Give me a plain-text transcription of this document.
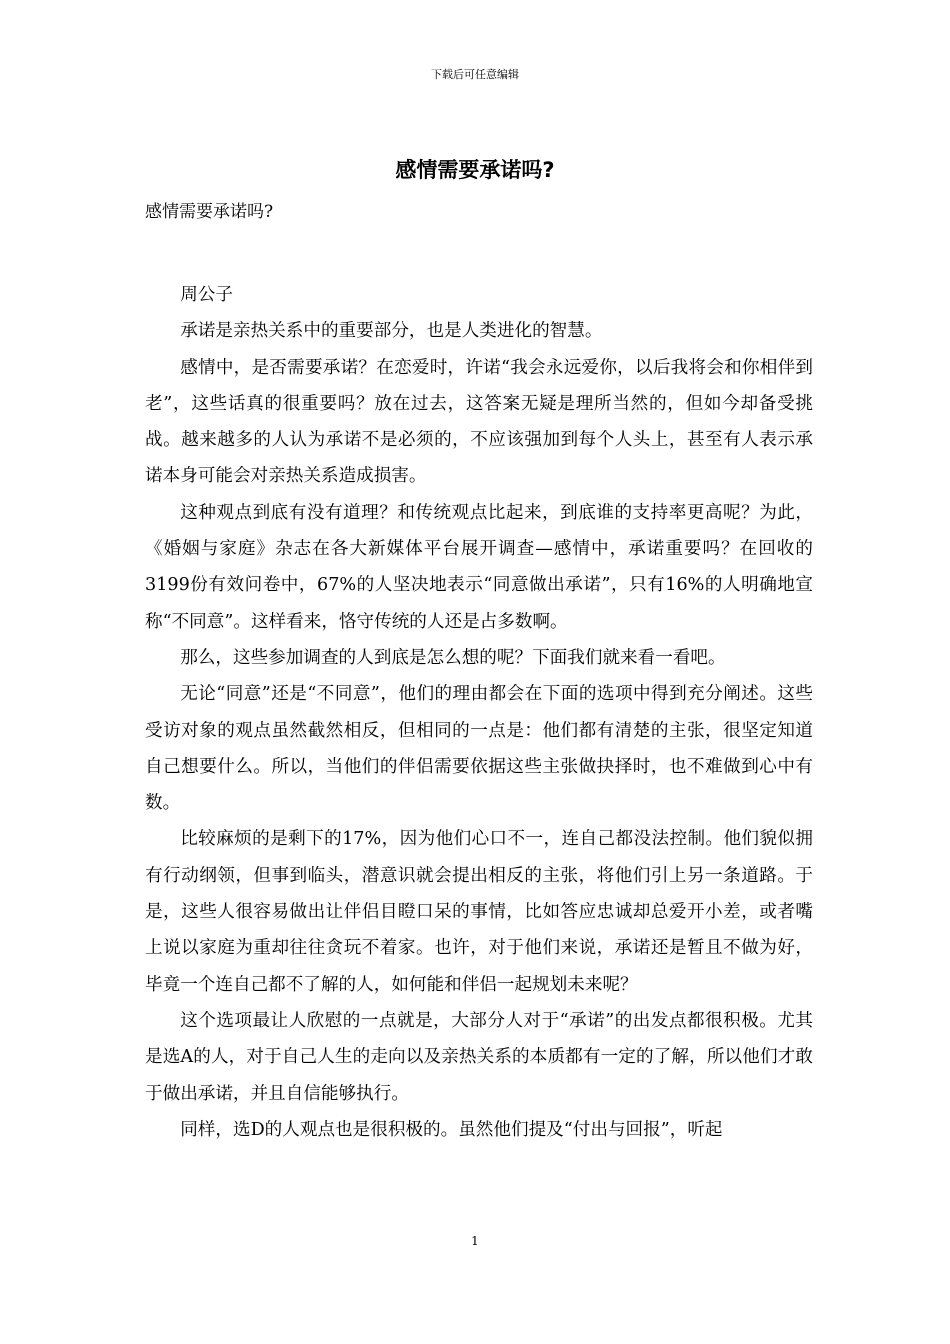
下载后可任意编辑
感情需要承诺吗?
感情需要承诺吗?

周公子

承诺是亲热关系中的重要部分，也是人类进化的智慧。

感情中，是否需要承诺？在恋爱时，许诺“我会永远爱你，以后我将会和你相伴到老”，这些话真的很重要吗？放在过去，这答案无疑是理所当然的，但如今却备受挑战。越来越多的人认为承诺不是必须的，不应该强加到每个人头上，甚至有人表示承诺本身可能会对亲热关系造成损害。

这种观点到底有没有道理？和传统观点比起来，到底谁的支持率更高呢？为此，《婚姻与家庭》杂志在各大新媒体平台展开调查—感情中，承诺重要吗？在回收的3199份有效问卷中，67%的人坚决地表示“同意做出承诺”，只有16%的人明确地宣称“不同意”。这样看来，恪守传统的人还是占多数啊。

那么，这些参加调查的人到底是怎么想的呢？下面我们就来看一看吧。

无论“同意”还是“不同意”，他们的理由都会在下面的选项中得到充分阐述。这些受访对象的观点虽然截然相反，但相同的一点是：他们都有清楚的主张，很坚定知道自己想要什么。所以，当他们的伴侣需要依据这些主张做抉择时，也不难做到心中有数。

比较麻烦的是剩下的17%，因为他们心口不一，连自己都没法控制。他们貌似拥有行动纲领，但事到临头，潜意识就会提出相反的主张，将他们引上另一条道路。于是，这些人很容易做出让伴侣目瞪口呆的事情，比如答应忠诚却总爱开小差，或者嘴上说以家庭为重却往往贪玩不着家。也许，对于他们来说，承诺还是暂且不做为好，毕竟一个连自己都不了解的人，如何能和伴侣一起规划未来呢？

这个选项最让人欣慰的一点就是，大部分人对于“承诺”的出发点都很积极。尤其是选A的人，对于自己人生的走向以及亲热关系的本质都有一定的了解，所以他们才敢于做出承诺，并且自信能够执行。

同样，选D的人观点也是很积极的。虽然他们提及“付出与回报”，听起

1
